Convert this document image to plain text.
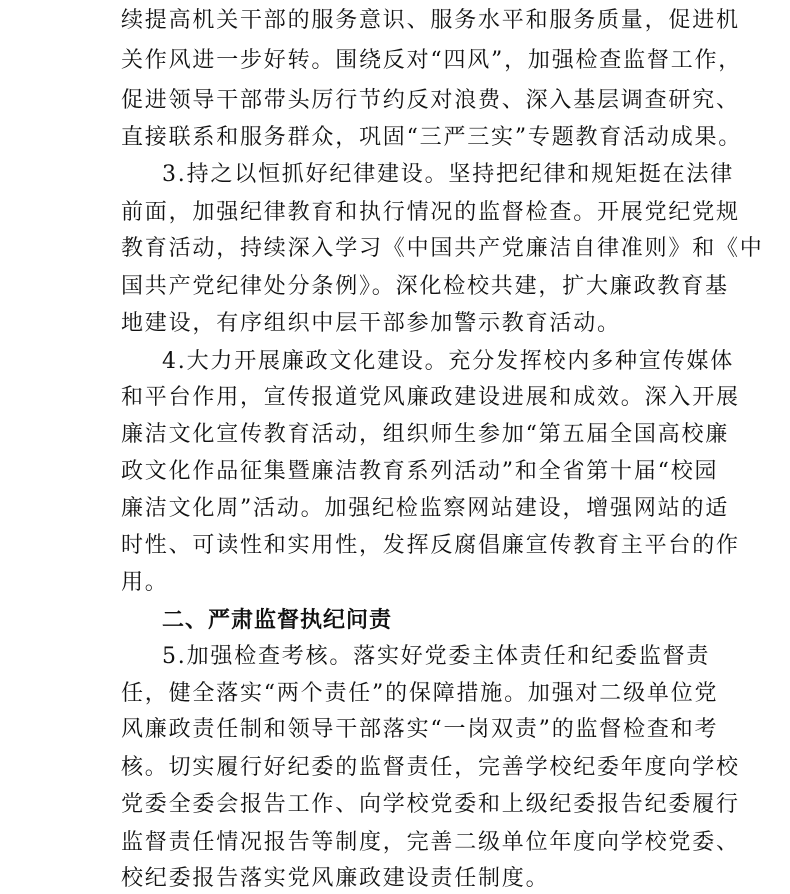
续提高机关干部的服务意识、服务水平和服务质量，促进机
关作风进一步好转。围绕反对“四风”，加强检查监督工作，
促进领导干部带头厉行节约反对浪费、深入基层调查研究、
直接联系和服务群众，巩固“三严三实”专题教育活动成果。
3.持之以恒抓好纪律建设。坚持把纪律和规矩挺在法律
前面，加强纪律教育和执行情况的监督检查。开展党纪党规
教育活动，持续深入学习《中国共产党廉洁自律准则》和《中
国共产党纪律处分条例》。深化检校共建，扩大廉政教育基
地建设，有序组织中层干部参加警示教育活动。
4.大力开展廉政文化建设。充分发挥校内多种宣传媒体
和平台作用，宣传报道党风廉政建设进展和成效。深入开展
廉洁文化宣传教育活动，组织师生参加“第五届全国高校廉
政文化作品征集暨廉洁教育系列活动”和全省第十届“校园
廉洁文化周”活动。加强纪检监察网站建设，增强网站的适
时性、可读性和实用性，发挥反腐倡廉宣传教育主平台的作
用。
二、严肃监督执纪问责
5.加强检查考核。落实好党委主体责任和纪委监督责
任，健全落实“两个责任”的保障措施。加强对二级单位党
风廉政责任制和领导干部落实“一岗双责”的监督检查和考
核。切实履行好纪委的监督责任，完善学校纪委年度向学校
党委全委会报告工作、向学校党委和上级纪委报告纪委履行
监督责任情况报告等制度，完善二级单位年度向学校党委、
校纪委报告落实党风廉政建设责任制度。
